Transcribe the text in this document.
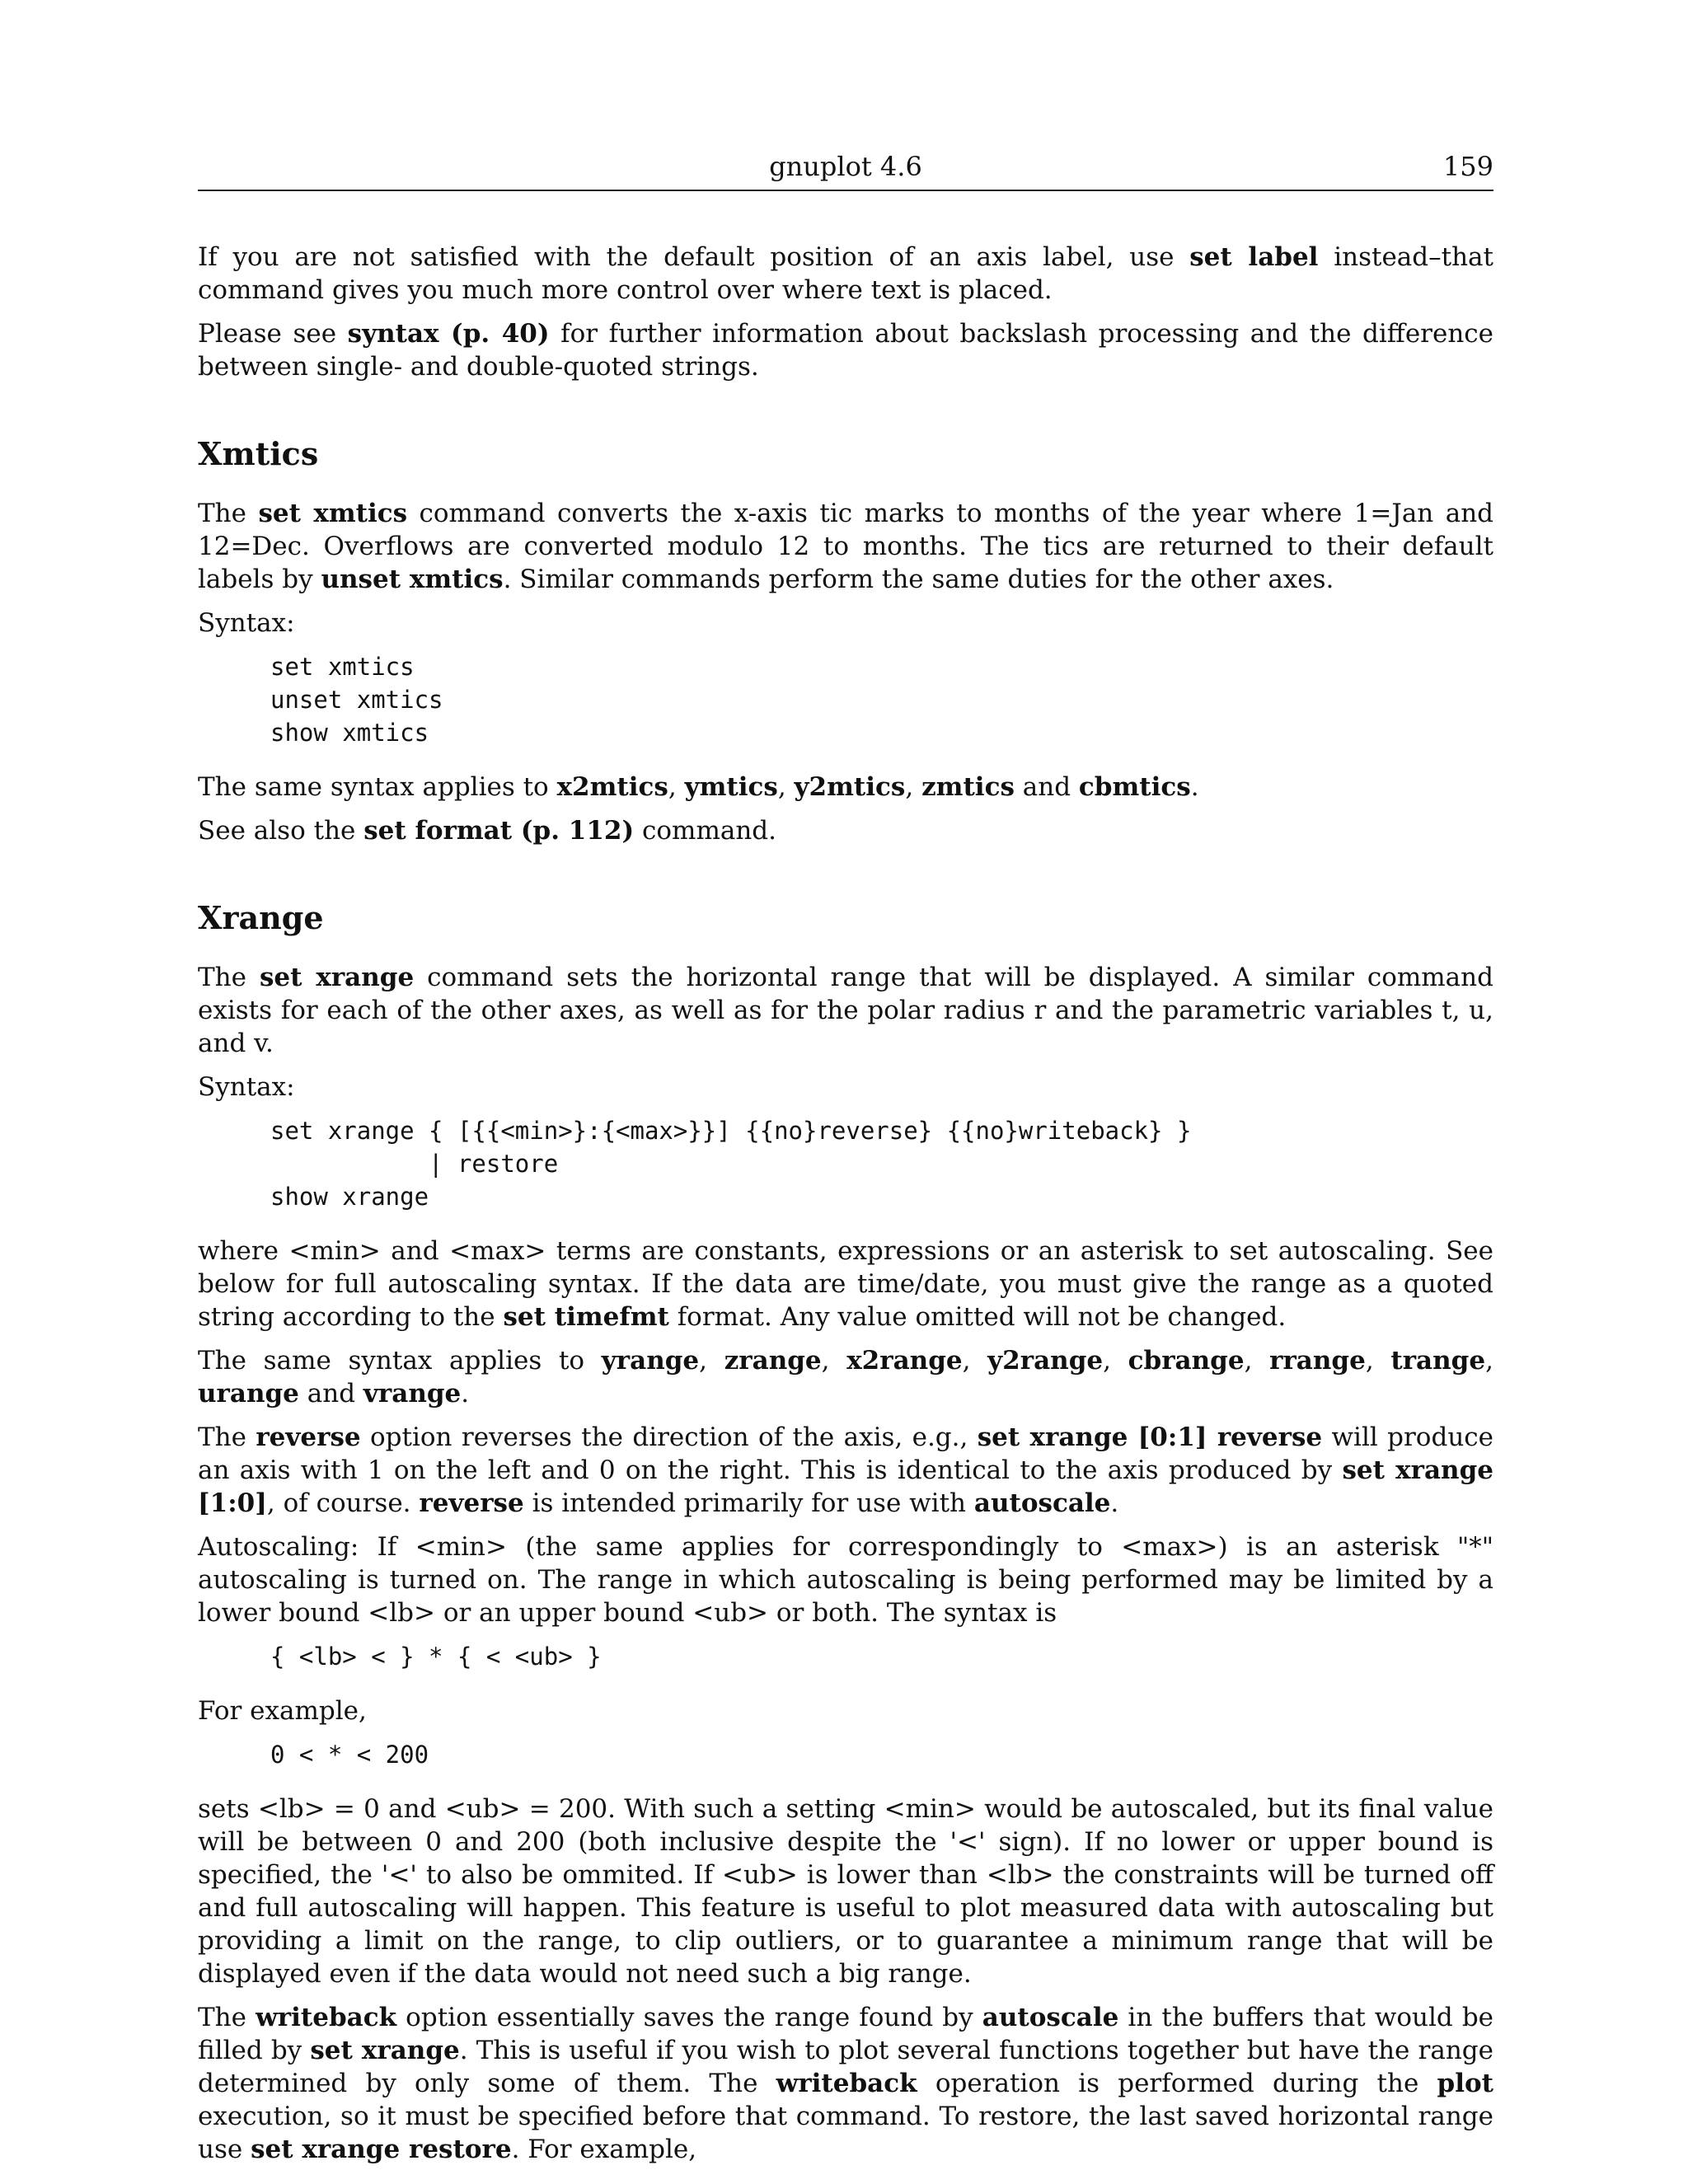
gnuplot 4.6	159

If you are not satisfied with the default position of an axis label, use set label instead–that command gives you much more control over where text is placed.

Please see syntax (p. 40) for further information about backslash processing and the difference between single- and double-quoted strings.

Xmtics

The set xmtics command converts the x-axis tic marks to months of the year where 1=Jan and 12=Dec. Overflows are converted modulo 12 to months. The tics are returned to their default labels by unset xmtics. Similar commands perform the same duties for the other axes.

Syntax:

set xmtics
unset xmtics
show xmtics

The same syntax applies to x2mtics, ymtics, y2mtics, zmtics and cbmtics.

See also the set format (p. 112) command.

Xrange

The set xrange command sets the horizontal range that will be displayed. A similar command exists for each of the other axes, as well as for the polar radius r and the parametric variables t, u, and v.

Syntax:

set xrange { [{{<min>}:{<max>}}] {{no}reverse} {{no}writeback} }
| restore
show xrange

where <min> and <max> terms are constants, expressions or an asterisk to set autoscaling. See below for full autoscaling syntax. If the data are time/date, you must give the range as a quoted string according to the set timefmt format. Any value omitted will not be changed.

The same syntax applies to yrange, zrange, x2range, y2range, cbrange, rrange, trange, urange and vrange.

The reverse option reverses the direction of the axis, e.g., set xrange [0:1] reverse will produce an axis with 1 on the left and 0 on the right. This is identical to the axis produced by set xrange [1:0], of course. reverse is intended primarily for use with autoscale.

Autoscaling: If <min> (the same applies for correspondingly to <max>) is an asterisk "*" autoscaling is turned on. The range in which autoscaling is being performed may be limited by a lower bound <lb> or an upper bound <ub> or both. The syntax is

{ <lb> < } * { < <ub> }

For example,

0 < * < 200

sets <lb> = 0 and <ub> = 200. With such a setting <min> would be autoscaled, but its final value will be between 0 and 200 (both inclusive despite the '<' sign). If no lower or upper bound is specified, the '<' to also be ommited. If <ub> is lower than <lb> the constraints will be turned off and full autoscaling will happen. This feature is useful to plot measured data with autoscaling but providing a limit on the range, to clip outliers, or to guarantee a minimum range that will be displayed even if the data would not need such a big range.

The writeback option essentially saves the range found by autoscale in the buffers that would be filled by set xrange. This is useful if you wish to plot several functions together but have the range determined by only some of them. The writeback operation is performed during the plot execution, so it must be specified before that command. To restore, the last saved horizontal range use set xrange restore. For example,
